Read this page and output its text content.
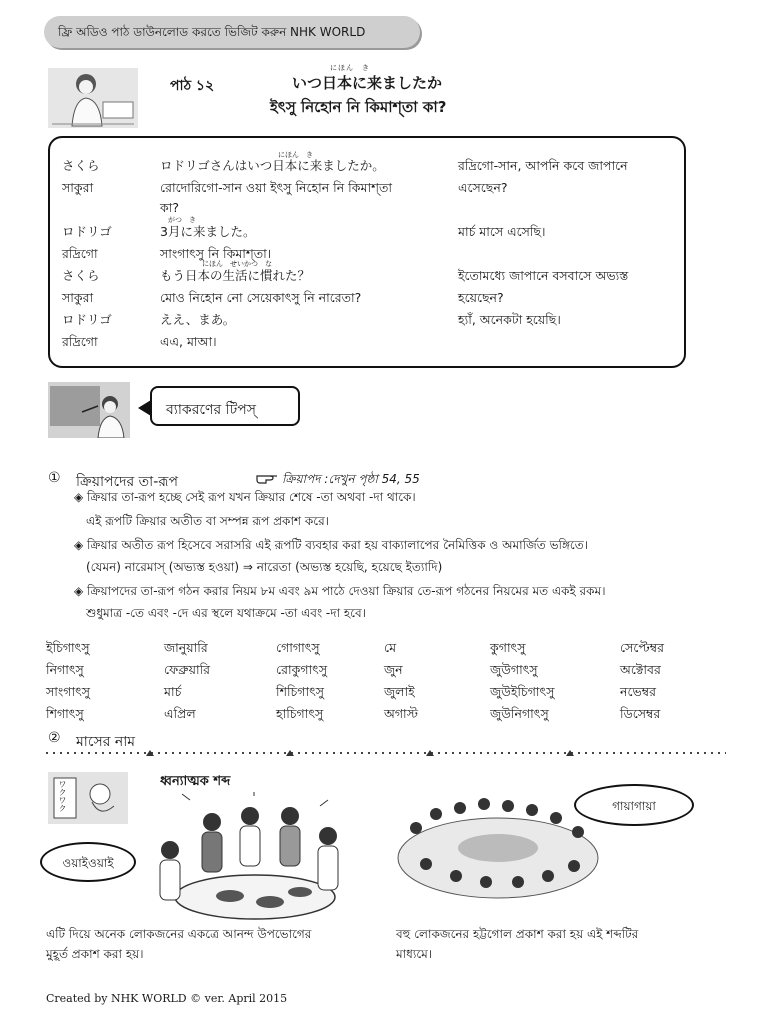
ফ্রি অডিও পাঠ ডাউনলোড করতে ভিজিট করুন NHK WORLD
পাঠ ১২
にほん　き
いつ日本に来ましたか
ইৎসু নিহোন নি কিমাশ্‌তা কা?
にほん　き
がつ　き
にほん　せいかつ　な
さくら	ロドリゴさんはいつ日本に来ましたか。	রদ্রিগো-সান, আপনি কবে জাপানে
সাকুরা	রোদোরিগো-সান ওয়া ইৎসু নিহোন নি কিমাশ্‌তা	এসেছেন?
কা?
ロドリゴ	3月に来ました。	মার্চ মাসে এসেছি।
রদ্রিগো	সাংগাৎসু নি কিমাশ্‌তা।
さくら	もう日本の生活に慣れた？	ইতোমধ্যে জাপানে বসবাসে অভ্যস্ত
সাকুরা	মোও নিহোন নো সেয়েকাৎসু নি নারেতা?	হয়েছেন?
ロドリゴ	ええ、まあ。	হ্যাঁ, অনেকটা হয়েছি।
রদ্রিগো	এএ, মাআ।
ব্যাকরণের টিপস্‌
① ক্রিয়াপদের তা-রূপ	ক্রিয়াপদ :দেখুন পৃষ্ঠা 54, 55
◈ ক্রিয়ার তা-রূপ হচ্ছে সেই রূপ যখন ক্রিয়ার শেষে -তা অথবা -দা থাকে।
এই রূপটি ক্রিয়ার অতীত বা সম্পন্ন রূপ প্রকাশ করে।
◈ ক্রিয়ার অতীত রূপ হিসেবে সরাসরি এই রূপটি ব্যবহার করা হয় বাক্যালাপের নৈমিত্তিক ও অমার্জিত ভঙ্গিতে।
(যেমন) নারেমাস্‌ (অভ্যস্ত হওয়া) ⇒ নারেতা (অভ্যস্ত হয়েছি, হয়েছে ইত্যাদি)
◈ ক্রিয়াপদের তা-রূপ গঠন করার নিয়ম ৮ম এবং ৯ম পাঠে দেওয়া ক্রিয়ার তে-রূপ গঠনের নিয়মের মত একই রকম।
শুধুমাত্র -তে এবং -দে এর স্থলে যথাক্রমে -তা এবং -দা হবে।
ইচিগাৎসু	জানুয়ারি	গোগাৎসু	মে	কুগাৎসু	সেপ্টেম্বর
নিগাৎসু	ফেব্রুয়ারি	রোকুগাৎসু	জুন	জুউগাৎসু	অক্টোবর
সাংগাৎসু	মার্চ	শিচিগাৎসু	জুলাই	জুউইচিগাৎসু	নভেম্বর
শিগাৎসু	এপ্রিল	হাচিগাৎসু	অগাস্ট	জুউনিগাৎসু	ডিসেম্বর
② মাসের নাম
ワクワク	ধ্বন্যাত্মক শব্দ
ওয়াইওয়াই
গায়াগায়া
এটি দিয়ে অনেক লোকজনের একত্রে আনন্দ উপভোগের
মুহূর্ত প্রকাশ করা হয়।
বহু লোকজনের হট্টগোল প্রকাশ করা হয় এই শব্দটির
মাধ্যমে।
Created by NHK WORLD © ver. April 2015
